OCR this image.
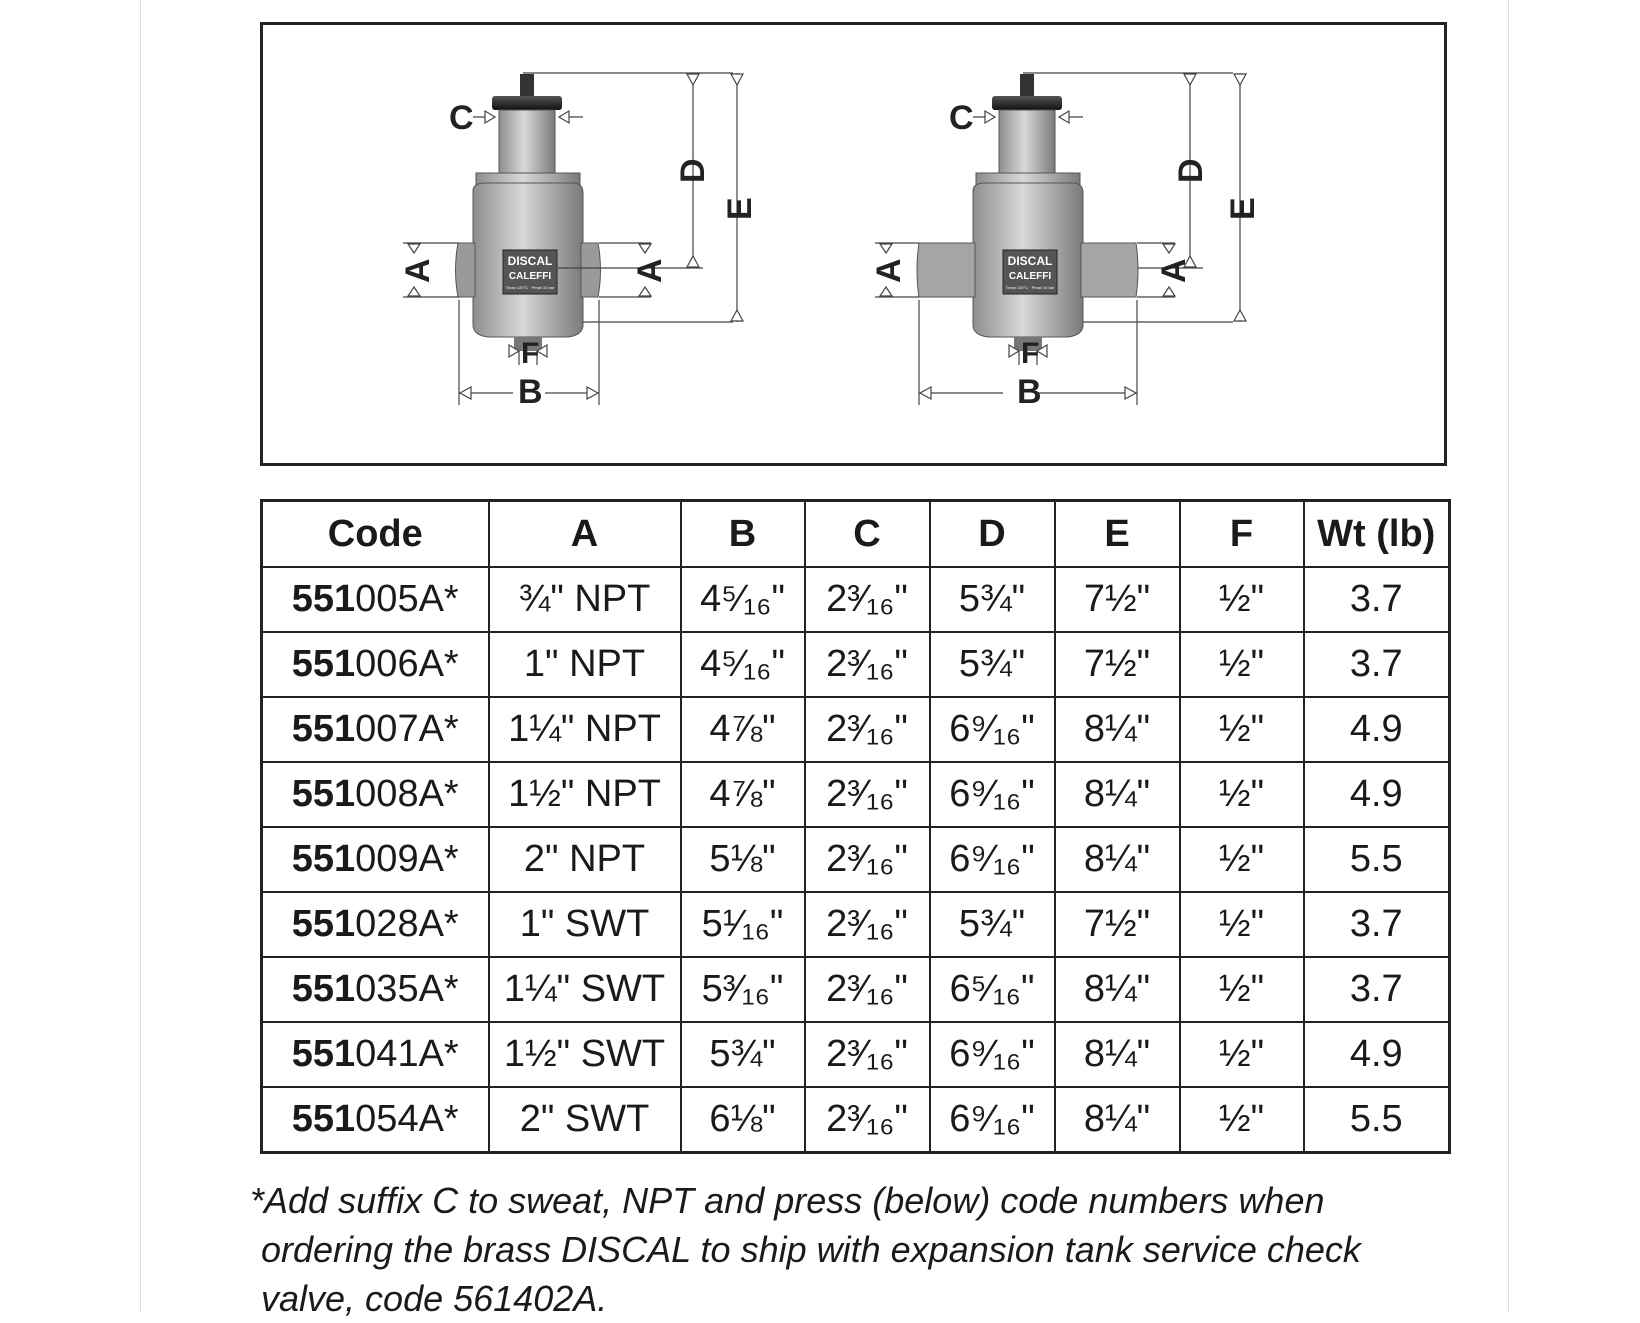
DISCAL
CALEFFI
Tmax 120°C · Pmax 10 bar
C
B
F
D
E
A	A	DISCAL
CALEFFI
Tmax 120°C · Pmax 10 bar
C
B
F
D
E
A	A
Code	A	B	C	D	E	F	Wt (lb)
551005A*	¾" NPT	4⁵⁄₁₆"	2³⁄₁₆"	5¾"	7½"	½"	3.7
551006A*	1" NPT	4⁵⁄₁₆"	2³⁄₁₆"	5¾"	7½"	½"	3.7
551007A*	1¼" NPT	4⅞"	2³⁄₁₆"	6⁹⁄₁₆"	8¼"	½"	4.9
551008A*	1½" NPT	4⅞"	2³⁄₁₆"	6⁹⁄₁₆"	8¼"	½"	4.9
551009A*	2" NPT	5⅛"	2³⁄₁₆"	6⁹⁄₁₆"	8¼"	½"	5.5
551028A*	1" SWT	5¹⁄₁₆"	2³⁄₁₆"	5¾"	7½"	½"	3.7
551035A*	1¼" SWT	5³⁄₁₆"	2³⁄₁₆"	6⁵⁄₁₆"	8¼"	½"	3.7
551041A*	1½" SWT	5¾"	2³⁄₁₆"	6⁹⁄₁₆"	8¼"	½"	4.9
551054A*	2" SWT	6⅛"	2³⁄₁₆"	6⁹⁄₁₆"	8¼"	½"	5.5

*Add suffix C to sweat, NPT and press (below) code numbers when

ordering the brass DISCAL to ship with expansion tank service check

valve, code 561402A.
